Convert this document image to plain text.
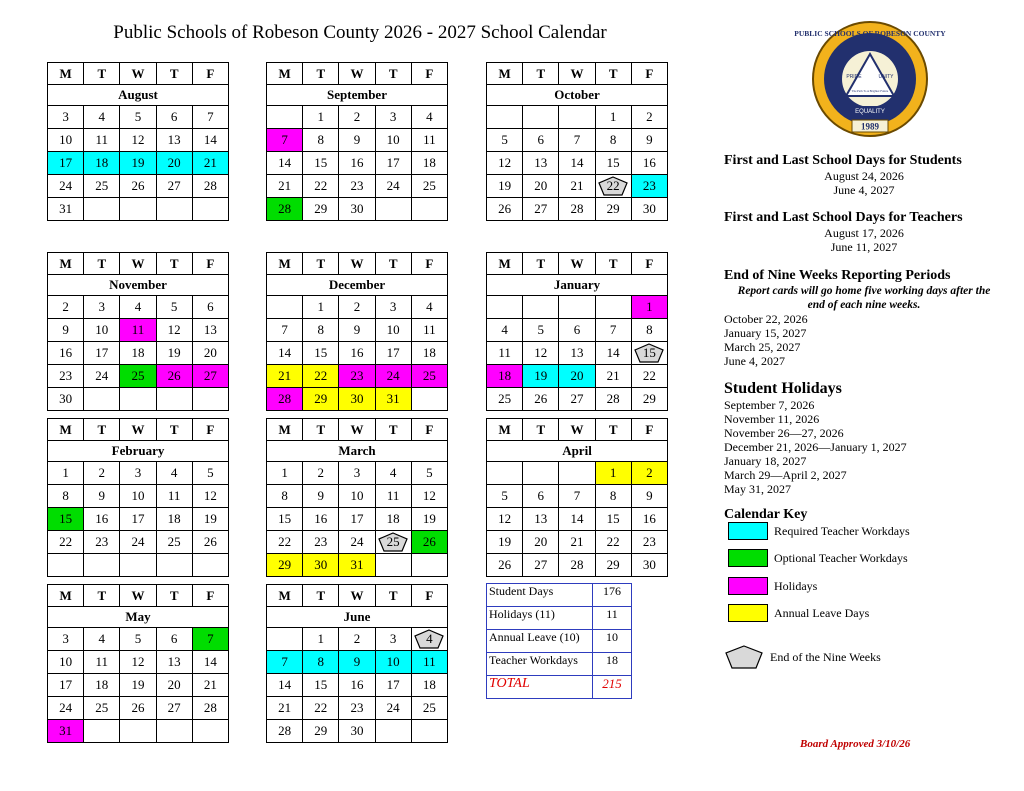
Public Schools of Robeson County 2026 - 2027 School Calendar	PUBLIC SCHOOLS OF ROBESON COUNTY
EQUALITY
1989
PRIDE	UNITY
The Path To A Brighter Future
M	T	W	T	F
August				
3	4	5	6	7
10	11	12	13	14
17	18	19	20	21
24	25	26	27	28
31				
M	T	W	T	F
September				
	1	2	3	4
7	8	9	10	11
14	15	16	17	18
21	22	23	24	25
28	29	30		
M	T	W	T	F
October				
			1	2
5	6	7	8	9
12	13	14	15	16
19	20	21	22	23
26	27	28	29	30
M	T	W	T	F
November				
2	3	4	5	6
9	10	11	12	13
16	17	18	19	20
23	24	25	26	27
30				
M	T	W	T	F
December				
	1	2	3	4
7	8	9	10	11
14	15	16	17	18
21	22	23	24	25
28	29	30	31	
M	T	W	T	F
January				
				1
4	5	6	7	8
11	12	13	14	15
18	19	20	21	22
25	26	27	28	29
M	T	W	T	F
February				
1	2	3	4	5
8	9	10	11	12
15	16	17	18	19
22	23	24	25	26

M	T	W	T	F
March				
1	2	3	4	5
8	9	10	11	12
15	16	17	18	19
22	23	24	25	26
29	30	31		
M	T	W	T	F
April				
			1	2
5	6	7	8	9
12	13	14	15	16
19	20	21	22	23
26	27	28	29	30
M	T	W	T	F
May				
3	4	5	6	7
10	11	12	13	14
17	18	19	20	21
24	25	26	27	28
31				
M	T	W	T	F
June				
	1	2	3	4
7	8	9	10	11
14	15	16	17	18
21	22	23	24	25
28	29	30		
Student Days	176
Holidays (11)	11
Annual Leave (10)	10
Teacher Workdays	18
TOTAL	215

First and Last School Days for Students

August 24, 2026

June 4, 2027

First and Last School Days for Teachers

August 17, 2026

June 11, 2027

End of Nine Weeks Reporting Periods

Report cards will go home five working days after the end of each nine weeks.

October 22, 2026

January 15, 2027

March 25, 2027

June 4, 2027

Student Holidays

September 7, 2026

November 11, 2026

November 26—27, 2026

December 21, 2026—January 1, 2027

January 18, 2027

March 29—April 2, 2027

May 31, 2027

Calendar Key

Required Teacher Workdays
Optional Teacher Workdays
Holidays
Annual Leave Days
End of the Nine Weeks
Board Approved 3/10/26
